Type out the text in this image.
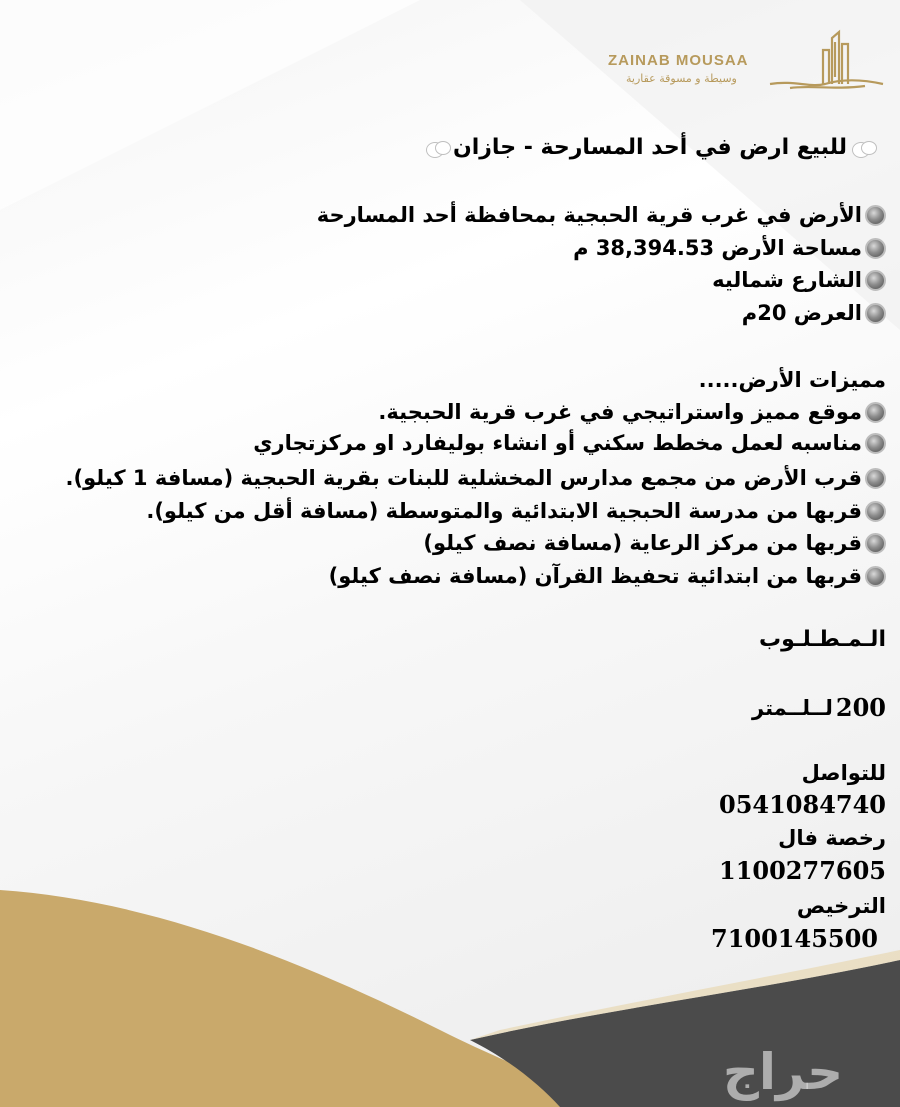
ZAINAB MOUSAA
وسيطة و مسوقة عقارية
للبيع ارض في أحد المسارحة - جازان
الأرض في غرب قرية الحبجية بمحافظة أحد المسارحة
مساحة الأرض 38,394.53 م
الشارع شماليه
العرض 20م
مميزات الأرض.....
موقع مميز واستراتيجي في غرب قرية الحبجية.
مناسبه لعمل مخطط سكني أو انشاء بوليفارد او مركزتجاري
قرب الأرض من مجمع مدارس المخشلية للبنات بقرية الحبجية (مسافة 1 كيلو).
قربها من مدرسة الحبجية الابتدائية والمتوسطة (مسافة أقل من كيلو).
قربها من مركز الرعاية (مسافة نصف كيلو)
قربها من ابتدائية تحفيظ القرآن (مسافة نصف كيلو)
الـمـطـلـوب
200
لــلــمتر
للتواصل
0541084740
رخصة فال
1100277605
الترخيص
7100145500
حراج
